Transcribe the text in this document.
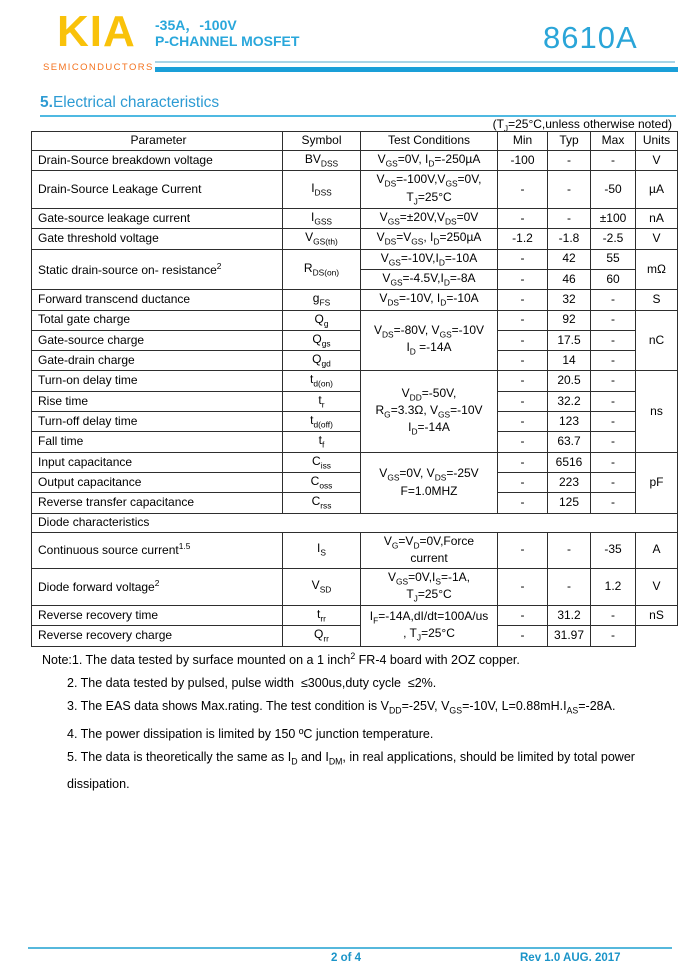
KIA
SEMICONDUCTORS
-35A，-100V
P-CHANNEL MOSFET	8610A
5.Electrical characteristics
($T_J=25^\circ C,unless$ otherwise noted)
Parameter	Symbol	Test Conditions	Min	Typ	Max	Units
Drain-Source breakdown voltage	$BV_{DSS}$	$V_{GS}=0V$, $I_D=-250\mu A$	-100	-	-	V
Drain-Source Leakage Current	$I_{DSS}$	$V_{DS}=-100V,V_{GS}=0V$,
$T_J=25^\circ C$	-	-	-50	µA
Gate-source leakage current	$I_{GSS}$	$V_{GS}=\pm 20V,V_{DS}=0V$	-	-	±100	nA
Gate threshold voltage	$V_{GS(th)}$	$V_{DS}=V_{GS}$, $I_D=250\mu A$	-1.2	-1.8	-2.5	V
Static drain-source on- resistance$^2$	$R_{DS(on)}$	$V_{GS}=-10V,I_D=-10A$	-	42	55	mΩ
		$V_{GS}=-4.5V,I_D=-8A$	-	46	60	
Forward transcend ductance	$g_{FS}$	$V_{DS}=-10V$, $I_D=-10A$	-	32	-	S
Total gate charge	$Q_g$	$V_{DS}=-80V$, $V_{GS}=-10V$
$I_D =-14A$	-	92	-	nC
Gate-source charge	$Q_{gs}$		-	17.5	-	
Gate-drain charge	$Q_{gd}$		-	14	-	
Turn-on delay time	$t_{d(on)}$	$V_{DD}=-50V$,
$R_G=3.3\Omega$, $V_{GS}=-10V$
$I_D=-14A$	-	20.5	-	ns
Rise time	$t_r$		-	32.2	-	
Turn-off delay time	$t_{d(off)}$		-	123	-	
Fall time	$t_f$		-	63.7	-	
Input capacitance	$C_{iss}$	$V_{GS}=0V$, $V_{DS}=-25V$
F=1.0MHZ	-	6516	-	pF
Output capacitance	$C_{oss}$		-	223	-	
Reverse transfer capacitance	$C_{rss}$		-	125	-	
Diode characteristics						
Continuous source current$^{1.5}$	$I_S$	$V_G=V_D=0V,Force$
current	-	-	-35	A
Diode forward voltage$^2$	$V_{SD}$	$V_{GS}=0V,I_S=-1A$,
$T_J=25^\circ C$	-	-	1.2	V
Reverse recovery time	$t_{rr}$	$I_F=-14A,dI/dt=100A/us$
, $T_J=25^\circ C$	-	31.2	-	nS
Reverse recovery charge	$Q_{rr}$		-	31.97	-	
Note:1. The data tested by surface mounted on a 1 inch$^2$ FR-4 board with 2OZ copper.
2. The data tested by pulsed, pulse width  ≤300us,duty cycle  ≤2%.
3. The EAS data shows Max.rating. The test condition is $V_{DD}=-25V$, $V_{GS}=-10V$, $L=0.88mH.I_{AS}=-28A$.
4. The power dissipation is limited by 150 ºC junction temperature.
5. The data is theoretically the same as $I_D$ and $I_{DM}$, in real applications, should be limited by total power dissipation.
2 of 4	Rev 1.0 AUG. 2017
